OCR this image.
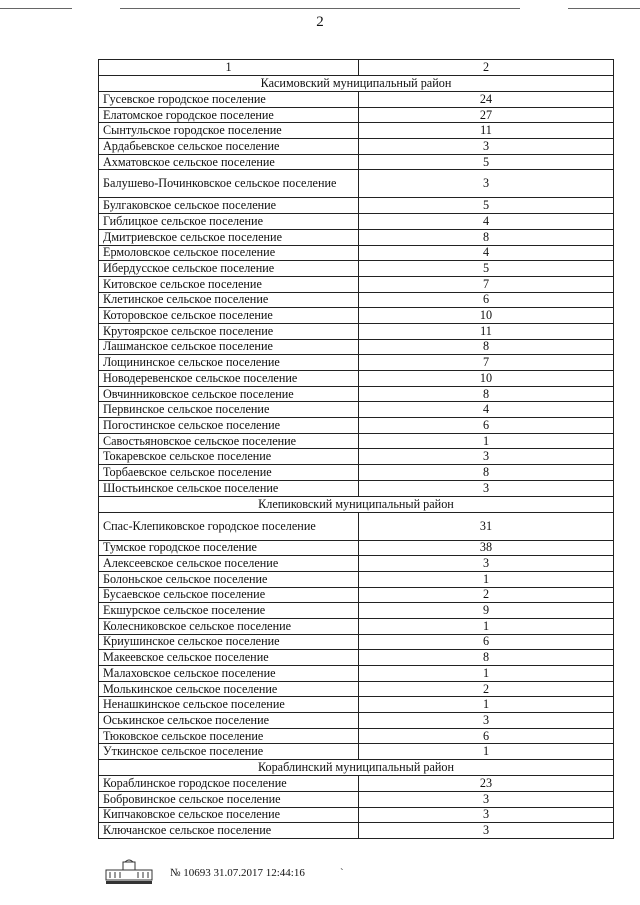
2
1	2
Касимовский муниципальный район	
Гусевское городское поселение	24
Елатомское городское поселение	27
Сынтульское городское поселение	11
Ардабьевское сельское поселение	3
Ахматовское сельское поселение	5
Балушево-Починковское сельское поселение	3
Булгаковское сельское поселение	5
Гиблицкое сельское поселение	4
Дмитриевское сельское поселение	8
Ермоловское сельское поселение	4
Ибердусское сельское поселение	5
Китовское сельское поселение	7
Клетинское сельское поселение	6
Которовское сельское поселение	10
Крутоярское сельское поселение	11
Лашманское сельское поселение	8
Лощининское сельское поселение	7
Новодеревенское сельское поселение	10
Овчинниковское сельское поселение	8
Первинское сельское поселение	4
Погостинское сельское поселение	6
Савостьяновское сельское поселение	1
Токаревское сельское поселение	3
Торбаевское сельское поселение	8
Шостьинское сельское поселение	3
Клепиковский муниципальный район	
Спас-Клепиковское городское поселение	31
Тумское городское поселение	38
Алексеевское сельское поселение	3
Болоньское сельское поселение	1
Бусаевское сельское поселение	2
Екшурское сельское поселение	9
Колесниковское сельское поселение	1
Криушинское сельское поселение	6
Макеевское сельское поселение	8
Малаховское сельское поселение	1
Молькинское сельское поселение	2
Ненашкинское сельское поселение	1
Оськинское сельское поселение	3
Тюковское сельское поселение	6
Уткинское сельское поселение	1
Кораблинский муниципальный район	
Кораблинское городское поселение	23
Бобровинское сельское поселение	3
Кипчаковское сельское поселение	3
Ключанское сельское поселение	3
№ 10693 31.07.2017 12:44:16	ˋ
